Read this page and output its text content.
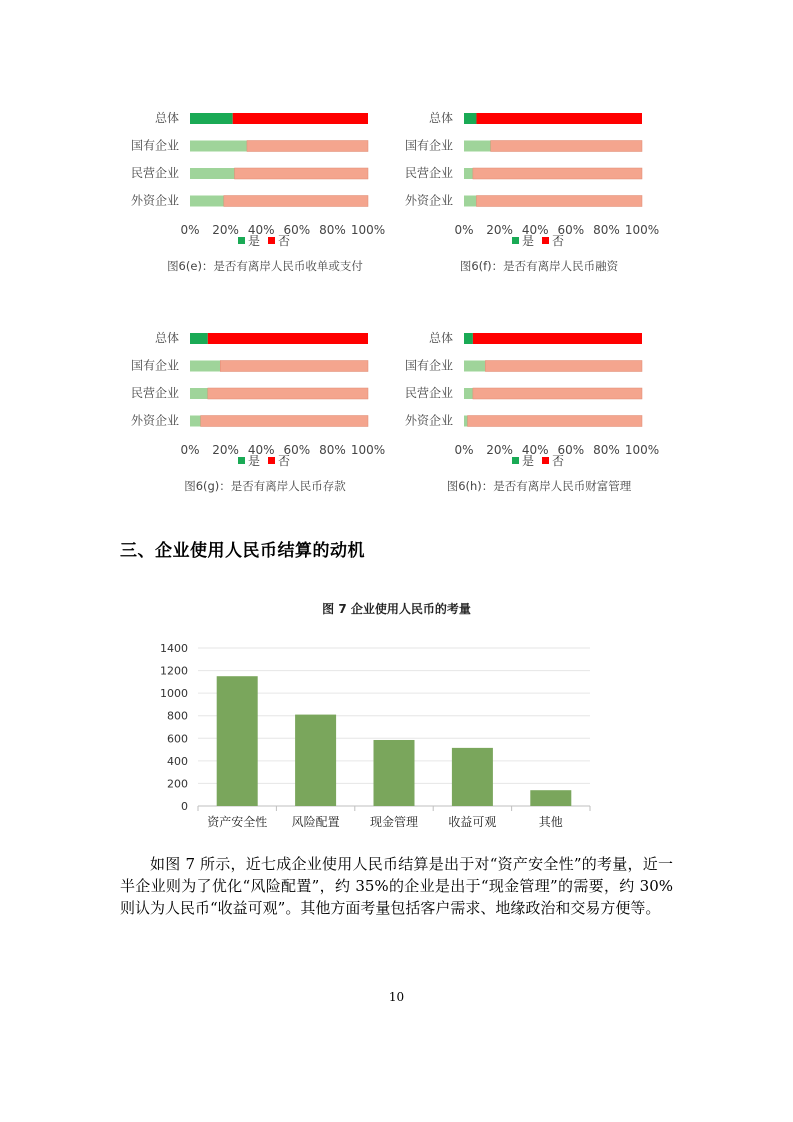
总体
国有企业
民营企业
外资企业
0% 20% 40% 60% 80% 100%
是 否
图6(e)：是否有离岸人民币收单或支付
总体
国有企业
民营企业
外资企业
0% 20% 40% 60% 80% 100%
是 否
图6(f)：是否有离岸人民币融资
总体
国有企业
民营企业
外资企业
0% 20% 40% 60% 80% 100%
是 否
图6(g)：是否有离岸人民币存款
总体
国有企业
民营企业
外资企业
0% 20% 40% 60% 80% 100%
是 否
图6(h)：是否有离岸人民币财富管理
三、企业使用人民币结算的动机
图 7 企业使用人民币的考量
0
200
400
600
800
1000
1200
1400
资产安全性 风险配置	现金管理	收益可观	其他
如图 7 所示，近七成企业使用人民币结算是出于对“资产安全性”的考量，近一半企业则为了优化“风险配置”，约 35%的企业是出于“现金管理”的需要，约 30%则认为人民币“收益可观”。其他方面考量包括客户需求、地缘政治和交易方便等。
10
